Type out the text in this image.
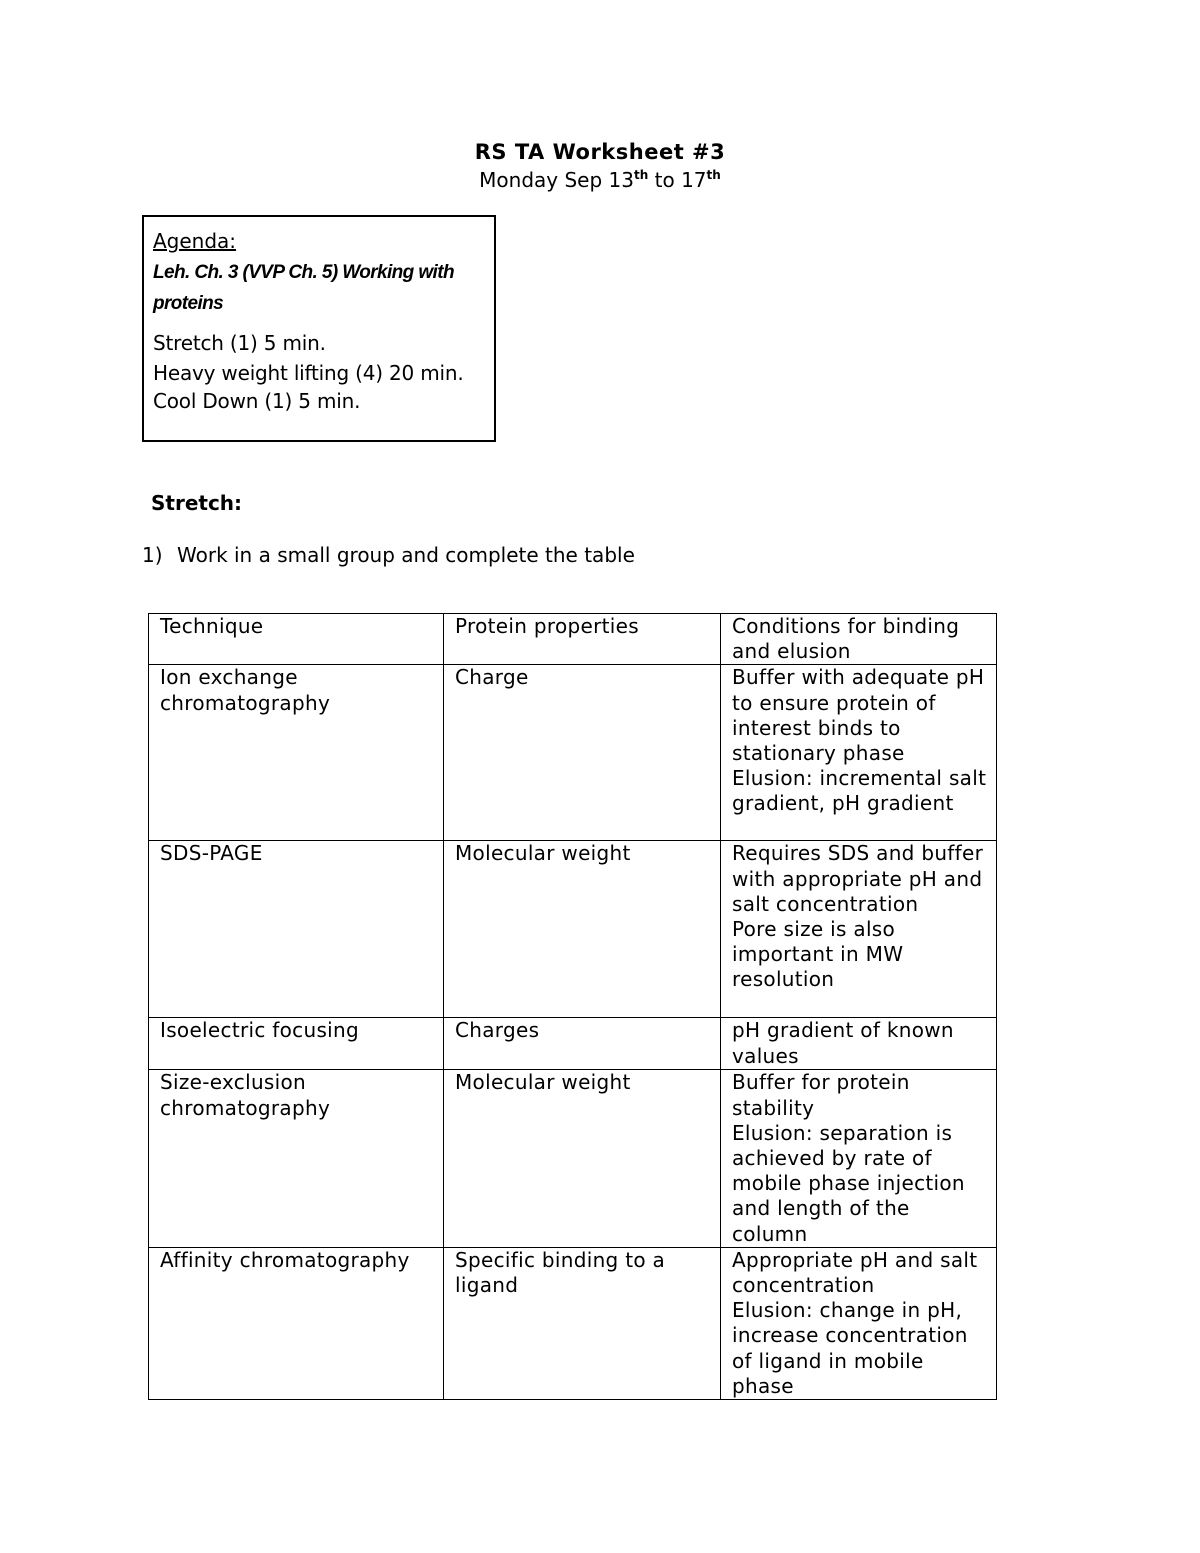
RS TA Worksheet #3
Monday Sep 13th to 17th
Agenda:
Leh. Ch. 3 (VVP Ch. 5) Working with proteins
Stretch (1) 5 min.
Heavy weight lifting (4) 20 min.
Cool Down (1) 5 min.
Stretch:
1) Work in a small group and complete the table
Technique	Protein properties	Conditions for binding and elusion
Ion exchange chromatography	Charge	Buffer with adequate pH to ensure protein of interest binds to stationary phase
Elusion: incremental salt gradient, pH gradient

SDS-PAGE	Molecular weight	Requires SDS and buffer with appropriate pH and salt concentration
Pore size is also important in MW resolution

Isoelectric focusing	Charges	pH gradient of known values

Size-exclusion chromatography	Molecular weight	Buffer for protein stability
Elusion: separation is achieved by rate of mobile phase injection and length of the column

Affinity chromatography	Specific binding to a ligand	Appropriate pH and salt concentration
Elusion: change in pH, increase concentration of ligand in mobile phase
